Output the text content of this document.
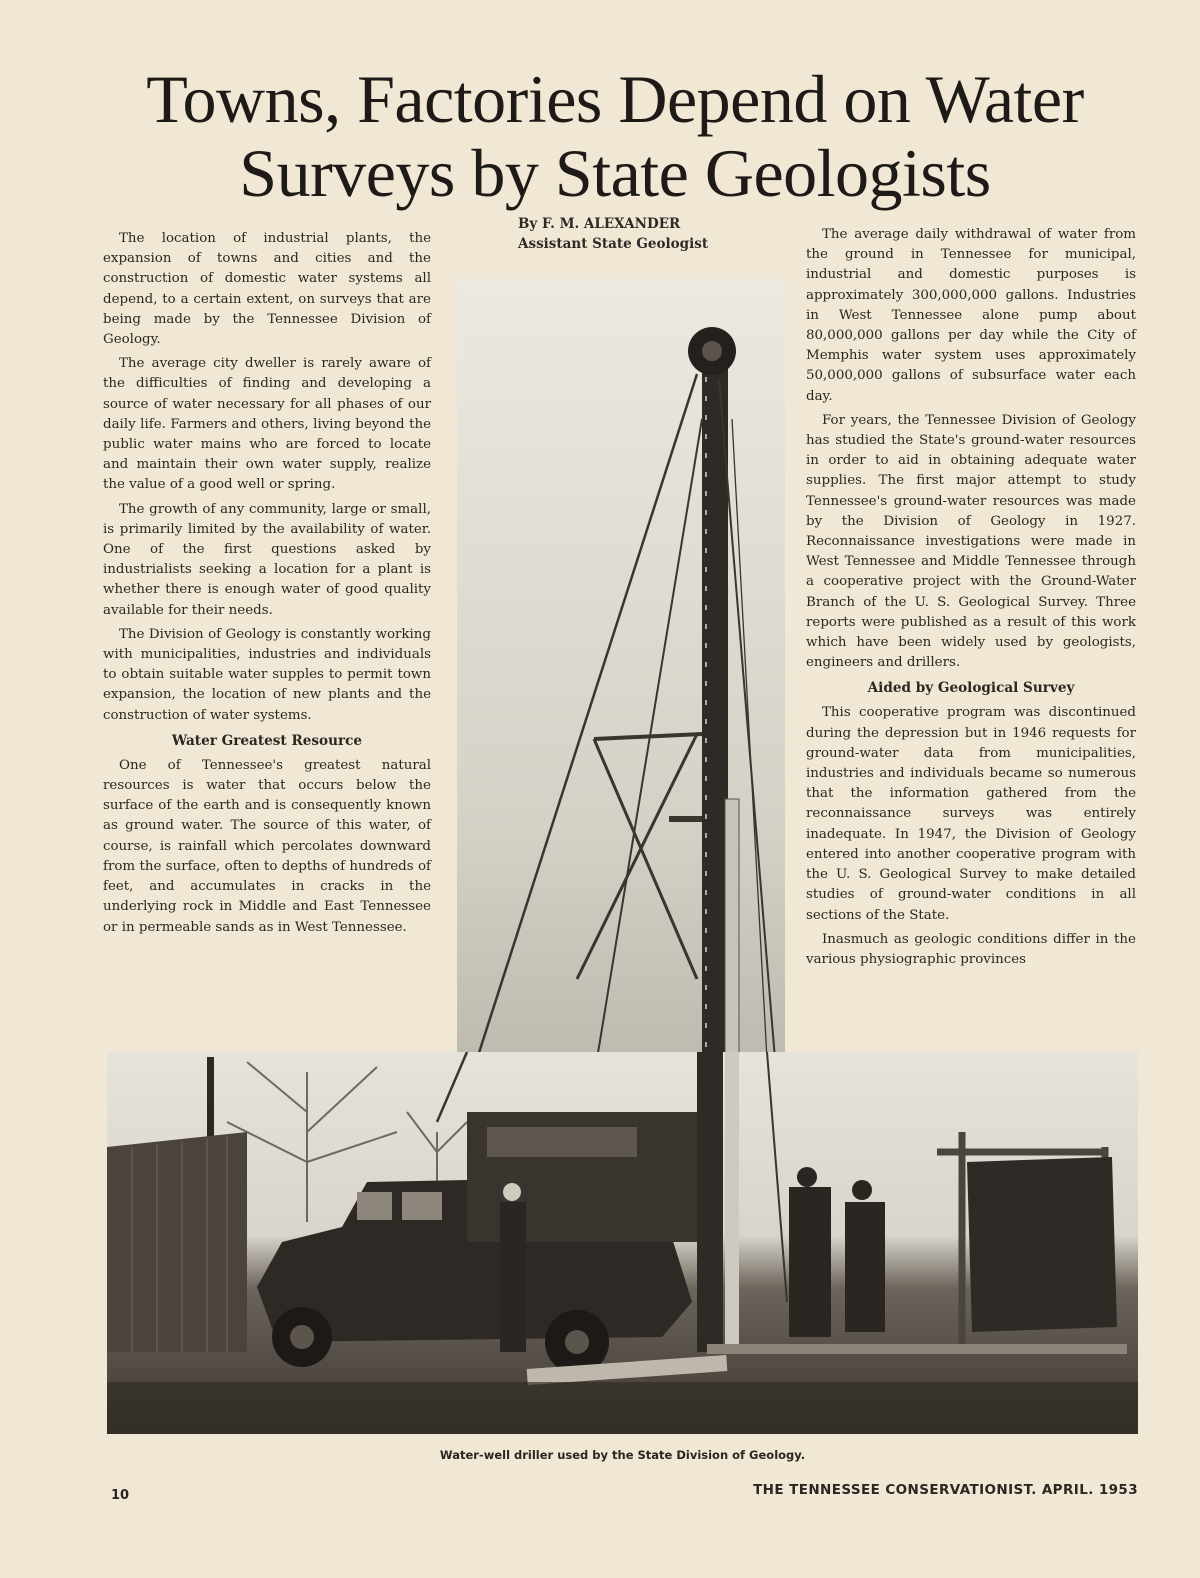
Towns, Factories Depend on Water
Surveys by State Geologists
By F. M. ALEXANDER
Assistant State Geologist

The location of industrial plants, the expansion of towns and cities and the construction of domestic water systems all depend, to a certain extent, on surveys that are being made by the Tennessee Division of Geology.

The average city dweller is rarely aware of the difficulties of finding and developing a source of water necessary for all phases of our daily life. Farmers and others, living beyond the public water mains who are forced to locate and maintain their own water supply, realize the value of a good well or spring.

The growth of any community, large or small, is primarily limited by the availability of water. One of the first questions asked by industrialists seeking a location for a plant is whether there is enough water of good quality available for their needs.

The Division of Geology is constantly working with municipalities, industries and individuals to obtain suitable water supples to permit town expansion, the location of new plants and the construction of water systems.

Water Greatest Resource

One of Tennessee's greatest natural resources is water that occurs below the surface of the earth and is consequently known as ground water. The source of this water, of course, is rainfall which percolates downward from the surface, often to depths of hundreds of feet, and accumulates in cracks in the underlying rock in Middle and East Tennessee or in permeable sands as in West Tennessee.

The average daily withdrawal of water from the ground in Tennessee for municipal, industrial and domestic purposes is approximately 300,000,000 gallons. Industries in West Tennessee alone pump about 80,000,000 gallons per day while the City of Memphis water system uses approximately 50,000,000 gallons of subsurface water each day.

For years, the Tennessee Division of Geology has studied the State's ground-water resources in order to aid in obtaining adequate water supplies. The first major attempt to study Tennessee's ground-water resources was made by the Division of Geology in 1927. Reconnaissance investigations were made in West Tennessee and Middle Tennessee through a cooperative project with the Ground-Water Branch of the U. S. Geological Survey. Three reports were published as a result of this work which have been widely used by geologists, engineers and drillers.

Aided by Geological Survey

This cooperative program was discontinued during the depression but in 1946 requests for ground-water data from municipalities, industries and individuals became so numerous that the information gathered from the reconnaissance surveys was entirely inadequate. In 1947, the Division of Geology entered into another cooperative program with the U. S. Geological Survey to make detailed studies of ground-water conditions in all sections of the State.

Inasmuch as geologic conditions differ in the various physiographic provinces

Water-well driller used by the State Division of Geology.
10	THE TENNESSEE CONSERVATIONIST. APRIL. 1953
